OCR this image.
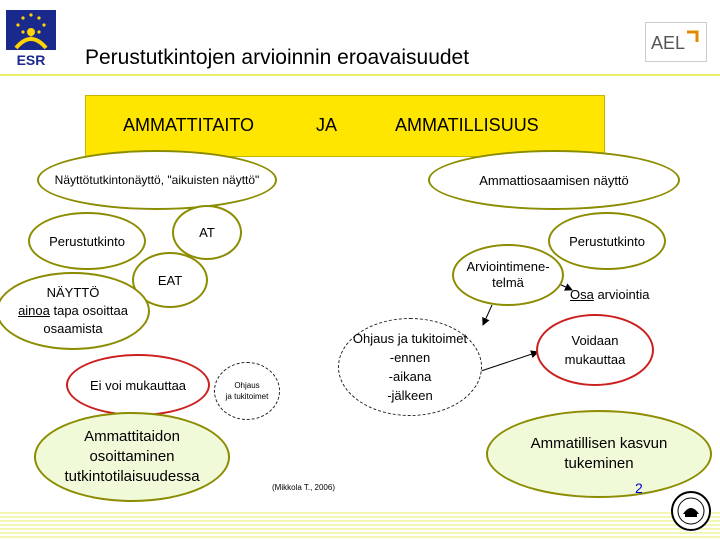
ESR
AEL
Perustutkintojen arvioinnin eroavaisuudet
AMMATTITAITO	JA	AMMATILLISUUS
Näyttötutkintonäyttö, "aikuisten näyttö"	Ammattiosaamisen näyttö
Perustutkinto
AT
Perustutkinto
EAT
Arviointimene-
telmä
Osa arviointia
NÄYTTÖ
ainoa tapa osoittaa
osaamista
Ohjaus ja tukitoimet
-ennen
-aikana
-jälkeen
Voidaan
mukauttaa
Ei voi mukauttaa	Ohjaus
ja tukitoimet
Ammattitaidon
osoittaminen
tutkintotilaisuudessa
Ammatillisen kasvun
tukeminen
(Mikkola T., 2006)	2
